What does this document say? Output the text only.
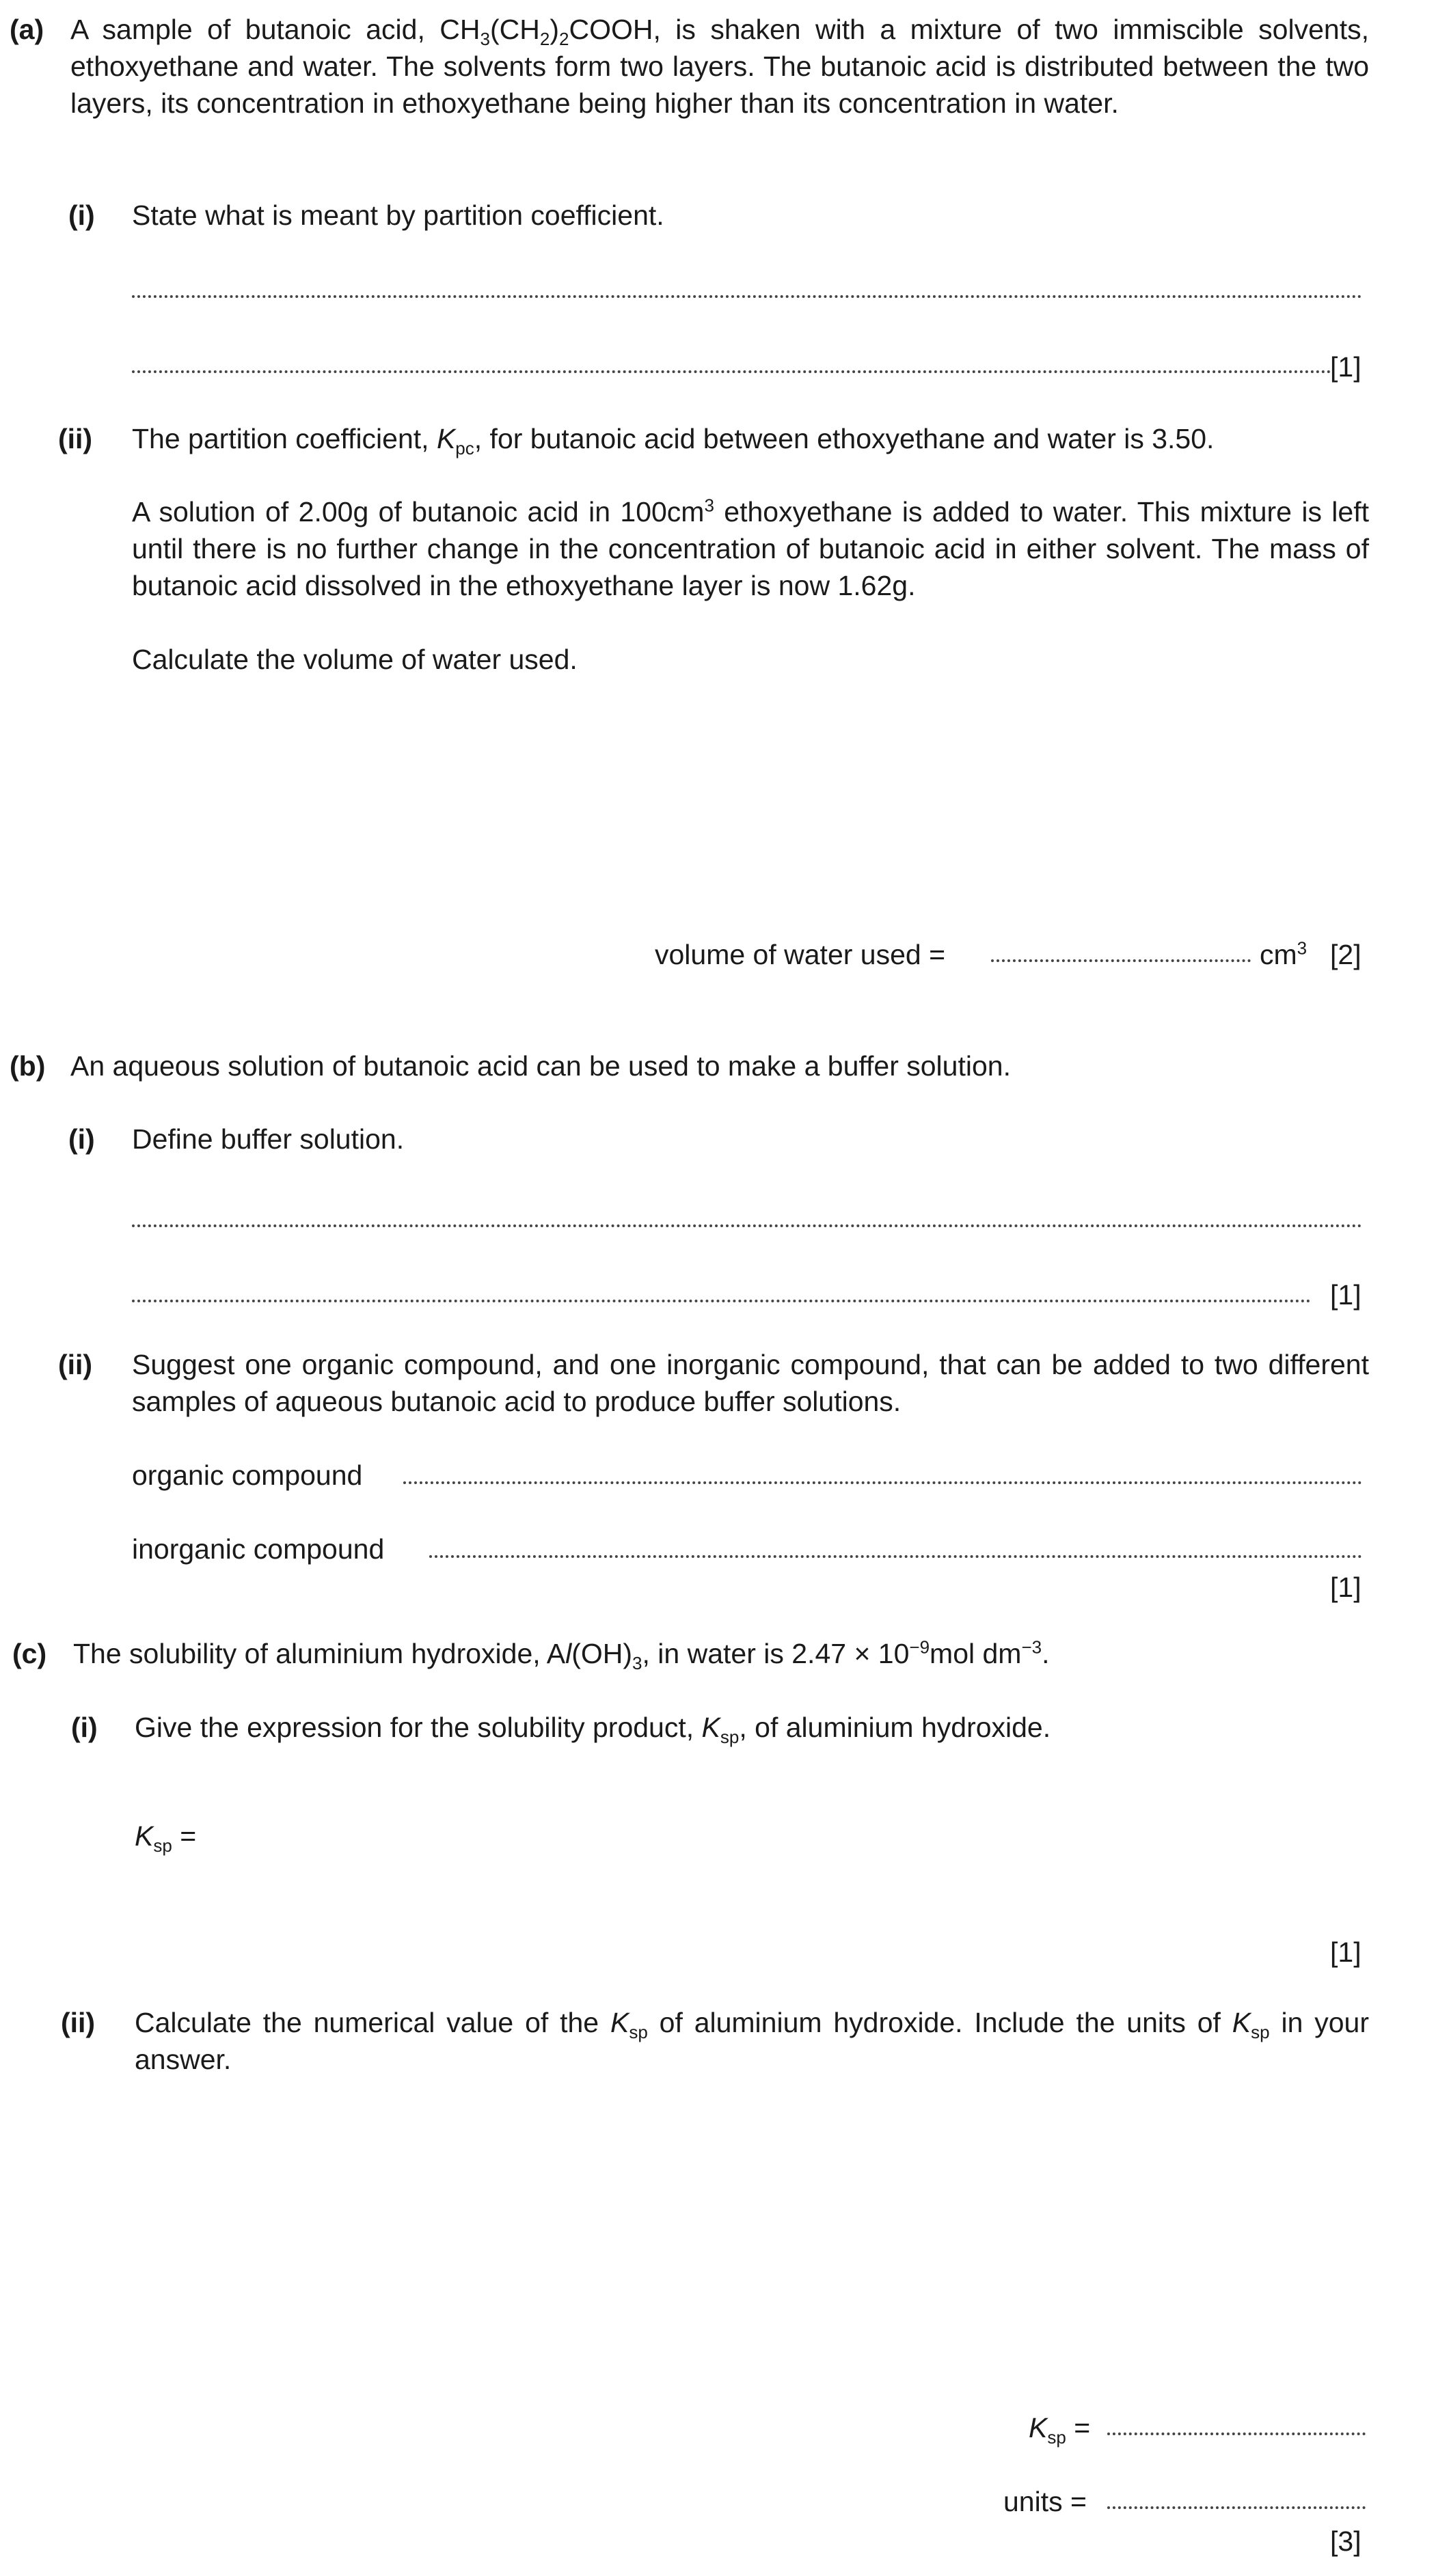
(a) A sample of butanoic acid, $CH_3(CH_2)_2COOH$, is shaken with a mixture of two immiscible solvents, ethoxyethane and water. The solvents form two layers. The butanoic acid is distributed between the two layers, its concentration in ethoxyethane being higher than its concentration in water.
(i) State what is meant by partition coefficient.
[1]
(ii) The partition coefficient, $K_{pc}$, for butanoic acid between ethoxyethane and water is 3.50.
A solution of 2.00g of butanoic acid in $100cm^3$ ethoxyethane is added to water. This mixture is left until there is no further change in the concentration of butanoic acid in either solvent. The mass of butanoic acid dissolved in the ethoxyethane layer is now 1.62g.
Calculate the volume of water used.
volume of water used =	$cm^3$ [2]
(b) An aqueous solution of butanoic acid can be used to make a buffer solution.
(i) Define buffer solution.
[1]
(ii) Suggest one organic compound, and one inorganic compound, that can be added to two different samples of aqueous butanoic acid to produce buffer solutions.
organic compound
inorganic compound
[1]
(c) The solubility of aluminium hydroxide, $Al(OH)_3$, in water is $2.47 \times 10^{-9}mol$ $dm^{-3}$.
(i) Give the expression for the solubility product, $K_{sp}$, of aluminium hydroxide.
$K_{sp}$ =
[1]
(ii) Calculate the numerical value of the $K_{sp}$ of aluminium hydroxide. Include the units of $K_{sp}$ in your answer.
$K_{sp}$ =
units =
[3]
